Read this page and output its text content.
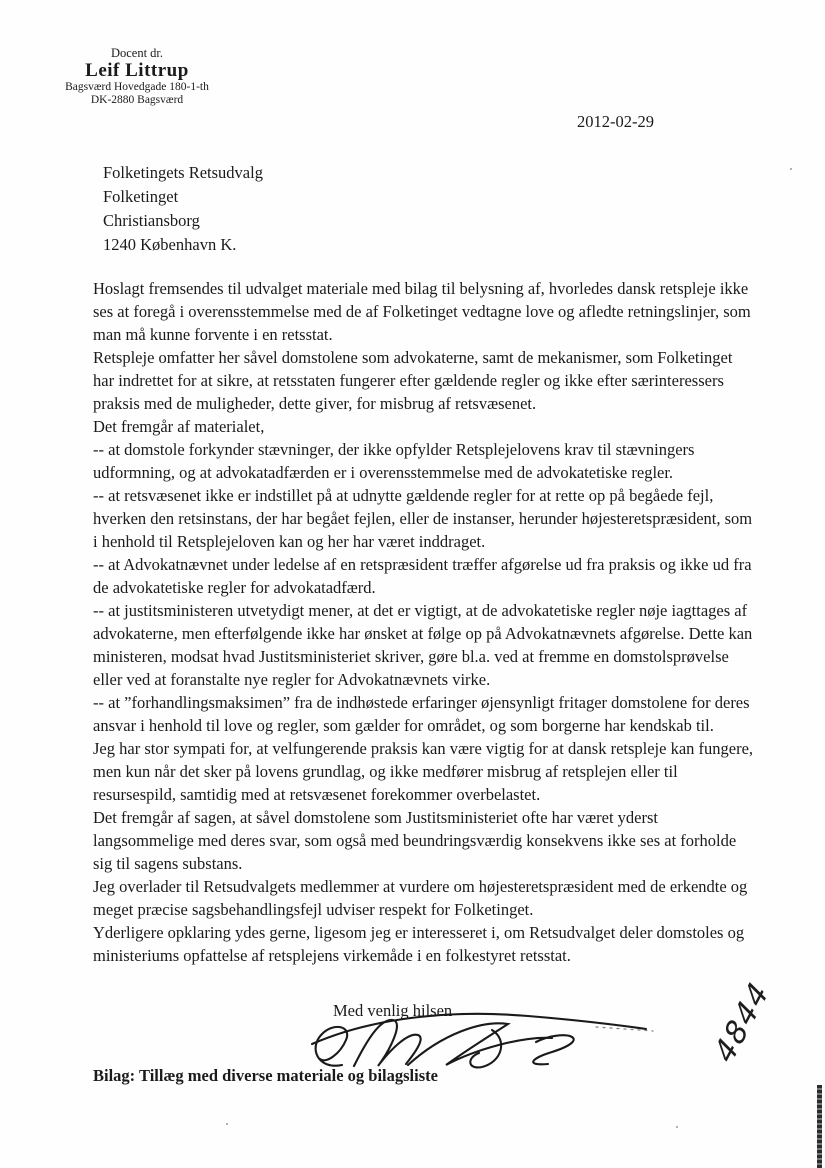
Docent dr.
Leif Littrup
Bagsværd Hovedgade 180-1-th
DK-2880 Bagsværd
2012-02-29
Folketingets Retsudvalg
Folketinget
Christiansborg
1240 København K.

Hoslagt fremsendes til udvalget materiale med bilag til belysning af, hvorledes dansk retspleje ikke ses at foregå i overensstemmelse med de af Folketinget vedtagne love og afledte retningslinjer, som man må kunne forvente i en retsstat.

Retspleje omfatter her såvel domstolene som advokaterne, samt de mekanismer, som Folketinget har indrettet for at sikre, at retsstaten fungerer efter gældende regler og ikke efter særinteressers praksis med de muligheder, dette giver, for misbrug af retsvæsenet.

Det fremgår af materialet,

-- at domstole forkynder stævninger, der ikke opfylder Retsplejelovens krav til stævningers udformning, og at advokatadfærden er i overensstemmelse med de advokatetiske regler.

-- at retsvæsenet ikke er indstillet på at udnytte gældende regler for at rette op på begåede fejl, hverken den retsinstans, der har begået fejlen, eller de instanser, herunder højesteretspræsident, som i henhold til Retsplejeloven kan og her har været inddraget.

-- at Advokatnævnet under ledelse af en retspræsident træffer afgørelse ud fra praksis og ikke ud fra de advokatetiske regler for advokatadfærd.

-- at justitsministeren utvetydigt mener, at det er vigtigt, at de advokatetiske regler nøje iagttages af advokaterne, men efterfølgende ikke har ønsket at følge op på Advokatnævnets afgørelse. Dette kan ministeren, modsat hvad Justitsministeriet skriver, gøre bl.a. ved at fremme en domstolsprøvelse eller ved at foranstalte nye regler for Advokatnævnets virke.

-- at ”forhandlingsmaksimen” fra de indhøstede erfaringer øjensynligt fritager domstolene for deres ansvar i henhold til love og regler, som gælder for området, og som borgerne har kendskab til.

Jeg har stor sympati for, at velfungerende praksis kan være vigtig for at dansk retspleje kan fungere, men kun når det sker på lovens grundlag, og ikke medfører misbrug af retsplejen eller til resursespild, samtidig med at retsvæsenet forekommer overbelastet.

Det fremgår af sagen, at såvel domstolene som Justitsministeriet ofte har været yderst langsommelige med deres svar, som også med beundringsværdig konsekvens ikke ses at forholde sig til sagens substans.

Jeg overlader til Retsudvalgets medlemmer at vurdere om højesteretspræsident med de erkendte og meget præcise sagsbehandlingsfejl udviser respekt for Folketinget.

Yderligere opklaring ydes gerne, ligesom jeg er interesseret i, om Retsudvalget deler domstoles og ministeriums opfattelse af retsplejens virkemåde i en folkestyret retsstat.

Med venlig hilsen	4844
Bilag: Tillæg med diverse materiale og bilagsliste
